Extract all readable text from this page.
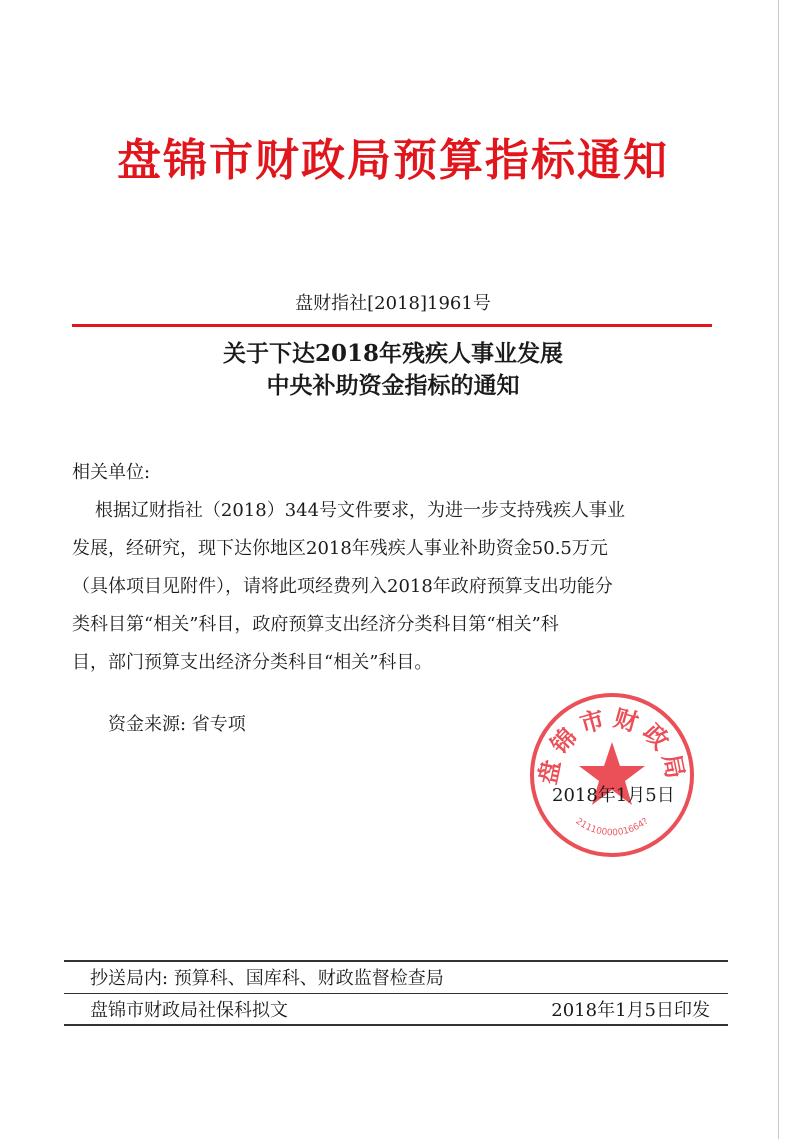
盘锦市财政局预算指标通知
盘财指社[2018]1961号
关于下达2018年残疾人事业发展
中央补助资金指标的通知
相关单位:
根据辽财指社（2018）344号文件要求，为进一步支持残疾人事业
发展，经研究，现下达你地区2018年残疾人事业补助资金50.5万元
（具体项目见附件），请将此项经费列入2018年政府预算支出功能分
类科目第“相关”科目，政府预算支出经济分类科目第“相关”科
目，部门预算支出经济分类科目“相关”科目。
资金来源: 省专项
盘锦市财政局
2111000001664?
2018年1月5日
抄送局内: 预算科、国库科、财政监督检查局
盘锦市财政局社保科拟文	2018年1月5日印发
